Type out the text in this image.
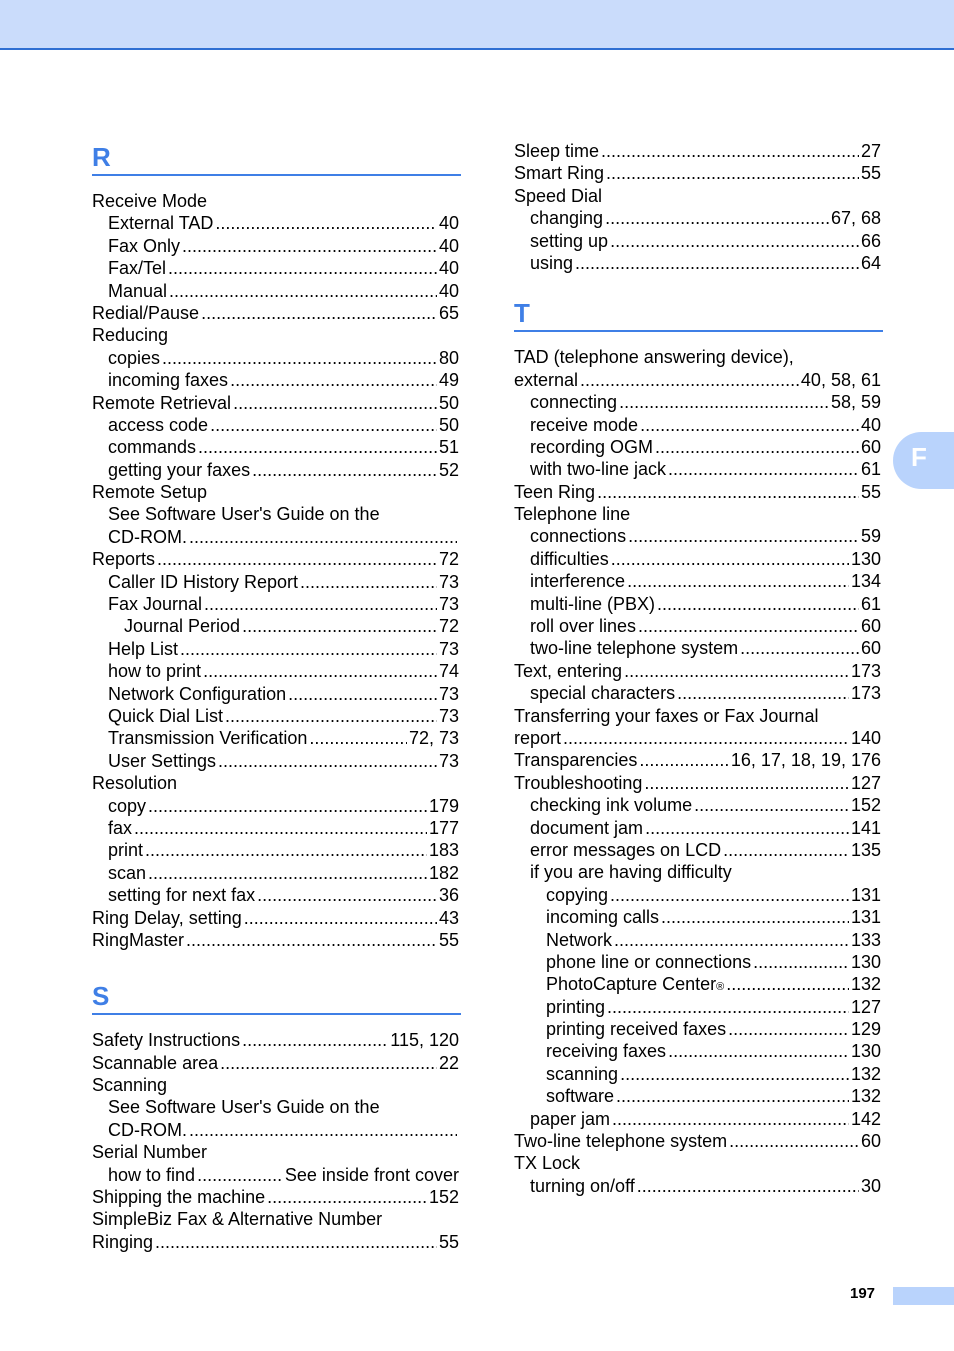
R
Receive Mode
External TAD .....	40
Fax Only .....	40
Fax/Tel .....	40
Manual .....	40
Redial/Pause .....	65
Reducing
copies .....	80
incoming faxes .....	49
Remote Retrieval .....	50
access code .....	50
commands .....	51
getting your faxes .....	52
Remote Setup
See Software User's Guide on the
CD-ROM.
.....
Reports .....	72
Caller ID History Report .....	73
Fax Journal .....	73
Journal Period .....	72
Help List .....	73
how to print .....	74
Network Configuration .....	73
Quick Dial List .....	73
Transmission Verification .....	72, 73
User Settings .....	73
Resolution
copy .....	179
fax .....	177
print .....	183
scan .....	182
setting for next fax .....	36
Ring Delay, setting .....	43
RingMaster .....	55
S
Safety Instructions .....	115, 120
Scannable area .....	22
Scanning
See Software User's Guide on the
CD-ROM.
.....
Serial Number
how to find .....	See inside front cover
Shipping the machine .....	152
SimpleBiz Fax & Alternative Number
Ringing .....	55
Sleep time .....	27
Smart Ring .....	55
Speed Dial
changing .....	67, 68
setting up .....	66
using .....	64
T
TAD (telephone answering device),
external .....	40, 58, 61
connecting .....	58, 59
receive mode .....	40
recording OGM .....	60
with two-line jack .....	61
Teen Ring .....	55
Telephone line
connections .....	59
difficulties .....	130
interference .....	134
multi-line (PBX) .....	61
roll over lines .....	60
two-line telephone system .....	60
Text, entering .....	173
special characters .....	173
Transferring your faxes or Fax Journal
report .....	140
Transparencies .....	16, 17, 18, 19, 176
Troubleshooting .....	127
checking ink volume .....	152
document jam .....	141
error messages on LCD .....	135
if you are having difficulty
copying .....	131
incoming calls .....	131
Network .....	133
phone line or connections .....	130
PhotoCapture Center ® .....	132
printing .....	127
printing received faxes .....	129
receiving faxes .....	130
scanning .....	132
software .....	132
paper jam .....	142
Two-line telephone system .....	60
TX Lock
turning on/off .....	30
F
197
